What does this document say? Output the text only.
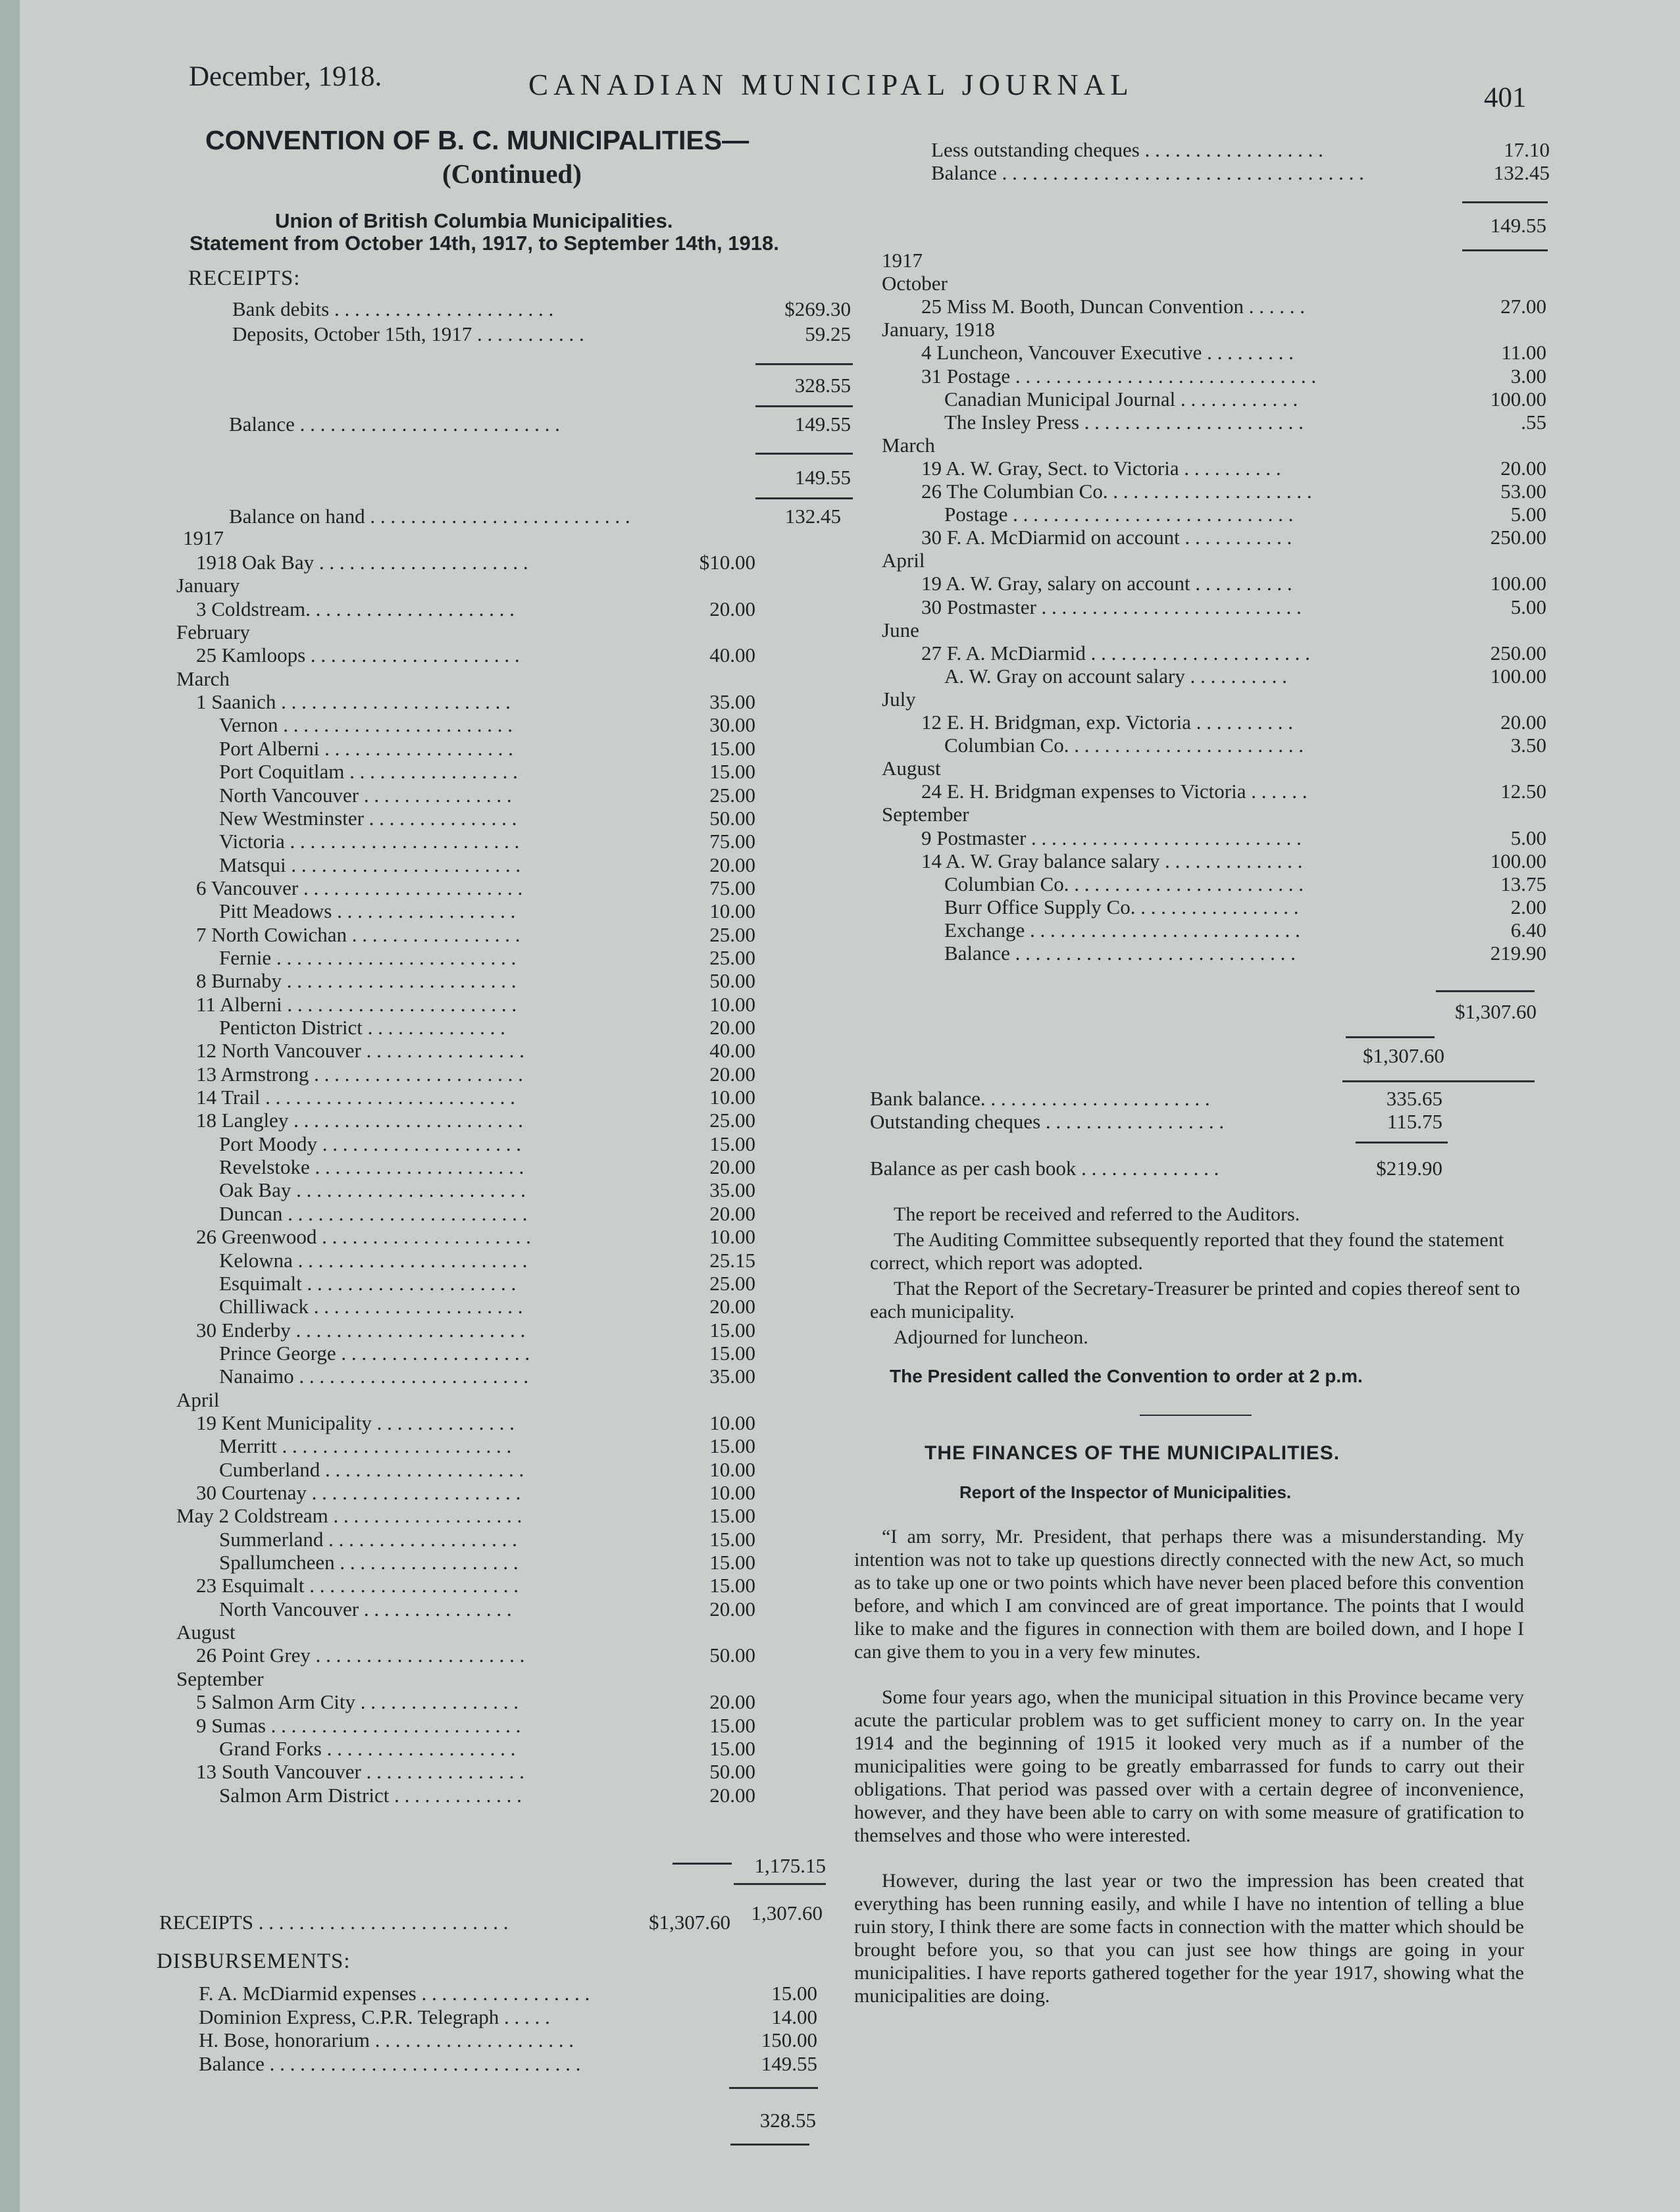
December, 1918.	CANADIAN MUNICIPAL JOURNAL	401
CONVENTION OF B. C. MUNICIPALITIES—
(Continued)
Union of British Columbia Municipalities.
Statement from October 14th, 1917, to September 14th, 1918.
RECEIPTS:
Bank debits . . . . . . . . . . . . . . . . . . . . . .	$269.30
Deposits, October 15th, 1917 . . . . . . . . . . .	59.25
328.55
Balance . . . . . . . . . . . . . . . . . . . . . . . . . .	149.55
149.55
Balance on hand . . . . . . . . . . . . . . . . . . . . . . . . . .	132.45
1917
1918 Oak Bay . . . . . . . . . . . . . . . . . . . . .	$10.00
January
3 Coldstream. . . . . . . . . . . . . . . . . . . . .	20.00
February
25 Kamloops . . . . . . . . . . . . . . . . . . . . .	40.00
March
1 Saanich . . . . . . . . . . . . . . . . . . . . . . .	35.00
Vernon . . . . . . . . . . . . . . . . . . . . . . .	30.00
Port Alberni . . . . . . . . . . . . . . . . . . .	15.00
Port Coquitlam . . . . . . . . . . . . . . . . .	15.00
North Vancouver . . . . . . . . . . . . . . .	25.00
New Westminster . . . . . . . . . . . . . . .	50.00
Victoria . . . . . . . . . . . . . . . . . . . . . . .	75.00
Matsqui . . . . . . . . . . . . . . . . . . . . . . .	20.00
6 Vancouver . . . . . . . . . . . . . . . . . . . . . .	75.00
Pitt Meadows . . . . . . . . . . . . . . . . . .	10.00
7 North Cowichan . . . . . . . . . . . . . . . . .	25.00
Fernie . . . . . . . . . . . . . . . . . . . . . . . .	25.00
8 Burnaby . . . . . . . . . . . . . . . . . . . . . . .	50.00
11 Alberni . . . . . . . . . . . . . . . . . . . . . . .	10.00
Penticton District . . . . . . . . . . . . . .	20.00
12 North Vancouver . . . . . . . . . . . . . . . .	40.00
13 Armstrong . . . . . . . . . . . . . . . . . . . . .	20.00
14 Trail . . . . . . . . . . . . . . . . . . . . . . . . .	10.00
18 Langley . . . . . . . . . . . . . . . . . . . . . . .	25.00
Port Moody . . . . . . . . . . . . . . . . . . . .	15.00
Revelstoke . . . . . . . . . . . . . . . . . . . . .	20.00
Oak Bay . . . . . . . . . . . . . . . . . . . . . . .	35.00
Duncan . . . . . . . . . . . . . . . . . . . . . . . .	20.00
26 Greenwood . . . . . . . . . . . . . . . . . . . . .	10.00
Kelowna . . . . . . . . . . . . . . . . . . . . . . .	25.15
Esquimalt . . . . . . . . . . . . . . . . . . . . .	25.00
Chilliwack . . . . . . . . . . . . . . . . . . . . .	20.00
30 Enderby . . . . . . . . . . . . . . . . . . . . . . .	15.00
Prince George . . . . . . . . . . . . . . . . . . .	15.00
Nanaimo . . . . . . . . . . . . . . . . . . . . . . .	35.00
April
19 Kent Municipality . . . . . . . . . . . . . .	10.00
Merritt . . . . . . . . . . . . . . . . . . . . . . .	15.00
Cumberland . . . . . . . . . . . . . . . . . . . .	10.00
30 Courtenay . . . . . . . . . . . . . . . . . . . . .	10.00
May 2 Coldstream . . . . . . . . . . . . . . . . . . .	15.00
Summerland . . . . . . . . . . . . . . . . . . .	15.00
Spallumcheen . . . . . . . . . . . . . . . . . .	15.00
23 Esquimalt . . . . . . . . . . . . . . . . . . . . .	15.00
North Vancouver . . . . . . . . . . . . . . .	20.00
August
26 Point Grey . . . . . . . . . . . . . . . . . . . . .	50.00
September
5 Salmon Arm City . . . . . . . . . . . . . . . .	20.00
9 Sumas . . . . . . . . . . . . . . . . . . . . . . . . .	15.00
Grand Forks . . . . . . . . . . . . . . . . . . .	15.00
13 South Vancouver . . . . . . . . . . . . . . . .	50.00
Salmon Arm District . . . . . . . . . . . . .	20.00
1,175.15
1,307.60
RECEIPTS . . . . . . . . . . . . . . . . . . . . . . . . .	$1,307.60
DISBURSEMENTS:
F. A. McDiarmid expenses . . . . . . . . . . . . . . . . .	15.00
Dominion Express, C.P.R. Telegraph . . . . .	14.00
H. Bose, honorarium . . . . . . . . . . . . . . . . . . . .	150.00
Balance . . . . . . . . . . . . . . . . . . . . . . . . . . . . . . .	149.55
328.55
Less outstanding cheques . . . . . . . . . . . . . . . . . .	17.10
Balance . . . . . . . . . . . . . . . . . . . . . . . . . . . . . . . . . . . .	132.45
149.55
1917
October
25 Miss M. Booth, Duncan Convention . . . . . .	27.00
January, 1918
4 Luncheon, Vancouver Executive . . . . . . . . .	11.00
31 Postage . . . . . . . . . . . . . . . . . . . . . . . . . . . . . .	3.00
Canadian Municipal Journal . . . . . . . . . . . .	100.00
The Insley Press . . . . . . . . . . . . . . . . . . . . . .	.55
March
19 A. W. Gray, Sect. to Victoria . . . . . . . . . .	20.00
26 The Columbian Co. . . . . . . . . . . . . . . . . . . . .	53.00
Postage . . . . . . . . . . . . . . . . . . . . . . . . . . . .	5.00
30 F. A. McDiarmid on account . . . . . . . . . . .	250.00
April
19 A. W. Gray, salary on account . . . . . . . . . .	100.00
30 Postmaster . . . . . . . . . . . . . . . . . . . . . . . . . .	5.00
June
27 F. A. McDiarmid . . . . . . . . . . . . . . . . . . . . . .	250.00
A. W. Gray on account salary . . . . . . . . . .	100.00
July
12 E. H. Bridgman, exp. Victoria . . . . . . . . . .	20.00
Columbian Co. . . . . . . . . . . . . . . . . . . . . . . .	3.50
August
24 E. H. Bridgman expenses to Victoria . . . . . .	12.50
September
9 Postmaster . . . . . . . . . . . . . . . . . . . . . . . . . . .	5.00
14 A. W. Gray balance salary . . . . . . . . . . . . . .	100.00
Columbian Co. . . . . . . . . . . . . . . . . . . . . . . .	13.75
Burr Office Supply Co. . . . . . . . . . . . . . . . .	2.00
Exchange . . . . . . . . . . . . . . . . . . . . . . . . . . .	6.40
Balance . . . . . . . . . . . . . . . . . . . . . . . . . . . .	219.90
$1,307.60
$1,307.60
Bank balance. . . . . . . . . . . . . . . . . . . . . . .	335.65
Outstanding cheques . . . . . . . . . . . . . . . . . .	115.75
Balance as per cash book . . . . . . . . . . . . . .	$219.90
The report be received and referred to the Auditors.
The Auditing Committee subsequently reported that they found the statement correct, which report was adopted.
That the Report of the Secretary-Treasurer be printed and copies thereof sent to each municipality.
Adjourned for luncheon.
The President called the Convention to order at 2 p.m.
THE FINANCES OF THE MUNICIPALITIES.
Report of the Inspector of Municipalities.
“I am sorry, Mr. President, that perhaps there was a misunderstanding. My intention was not to take up questions directly connected with the new Act, so much as to take up one or two points which have never been placed before this convention before, and which I am convinced are of great importance. The points that I would like to make and the figures in connection with them are boiled down, and I hope I can give them to you in a very few minutes.
Some four years ago, when the municipal situation in this Province became very acute the particular problem was to get sufficient money to carry on. In the year 1914 and the beginning of 1915 it looked very much as if a number of the municipalities were going to be greatly embarrassed for funds to carry out their obligations. That period was passed over with a certain degree of inconvenience, however, and they have been able to carry on with some measure of gratification to themselves and those who were interested.
However, during the last year or two the impression has been created that everything has been running easily, and while I have no intention of telling a blue ruin story, I think there are some facts in connection with the matter which should be brought before you, so that you can just see how things are going in your municipalities. I have reports gathered together for the year 1917, showing what the municipalities are doing.
